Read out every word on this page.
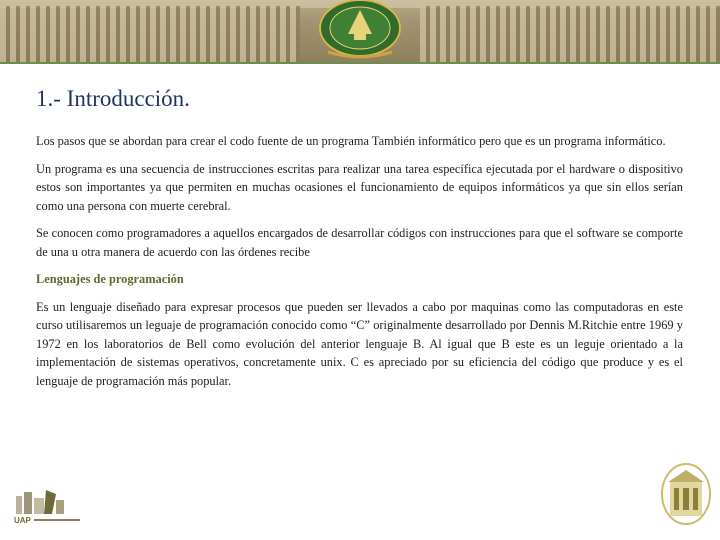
1.- Introducción.

Los pasos que se abordan para crear el codo fuente de un programa También informático pero que es un programa informático.

Un programa es una secuencia de instrucciones escritas para realizar una tarea específica ejecutada por el hardware o dispositivo estos son importantes ya que permiten en muchas ocasiones el funcionamiento de equipos informáticos ya que sin ellos serían como una persona con muerte cerebral.

Se conocen como programadores a aquellos encargados de desarrollar códigos con instrucciones para que el software se comporte de una u otra manera de acuerdo con las órdenes recibe

Lenguajes de programación

Es un lenguaje diseñado para expresar procesos que pueden ser llevados a cabo por maquinas como las computadoras en este curso utilisaremos un leguaje de programación conocido como “C” originalmente desarrollado por Dennis M.Ritchie entre 1969 y 1972 en los laboratorios de Bell como evolución del anterior lenguaje B. Al igual que B este es un leguje orientado a la implementación de sistemas operativos, concretamente unix. C es apreciado por su eficiencia del código que produce y es el lenguaje de programación más popular.

UAP
